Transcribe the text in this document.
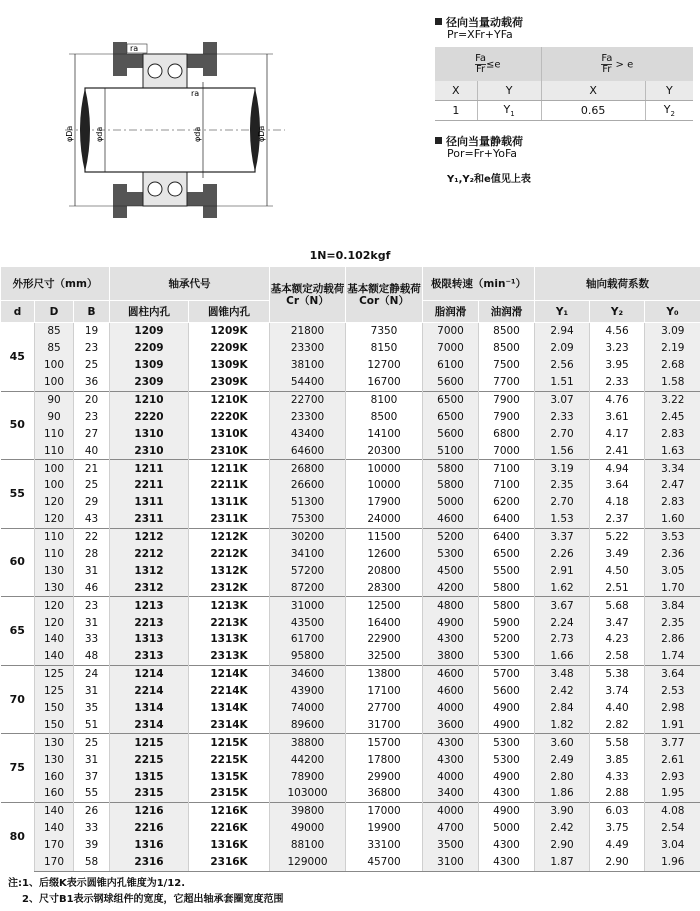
ra
ra
φDa	φda	φda	φDa
径向当量动载荷
Pr=XFr+YFa
$\frac{Fa}{Fr} \le e$		$\frac{Fa}{Fr} > e$	
X	Y	X	Y
1	$Y_1$	0.65	$Y_2$
径向当量静载荷
Por=Fr+YoFa
Y₁,Y₂和e值见上表
1N=0.102kgf
外形尺寸（mm）			轴承代号		基本额定动载荷 Cr（N）	基本额定静载荷 Cor（N）	极限转速（min⁻¹）		轴向载荷系数		
d	D	B	圆柱内孔	圆锥内孔			脂润滑	油润滑	Y₁	Y₂	Y₀
45	85	19	1209	1209K	21800	7350	7000	8500	2.94	4.56	3.09
	85	23	2209	2209K	23300	8150	7000	8500	2.09	3.23	2.19
	100	25	1309	1309K	38100	12700	6100	7500	2.56	3.95	2.68
	100	36	2309	2309K	54400	16700	5600	7700	1.51	2.33	1.58
50	90	20	1210	1210K	22700	8100	6500	7900	3.07	4.76	3.22
	90	23	2220	2220K	23300	8500	6500	7900	2.33	3.61	2.45
	110	27	1310	1310K	43400	14100	5600	6800	2.70	4.17	2.83
	110	40	2310	2310K	64600	20300	5100	7000	1.56	2.41	1.63
55	100	21	1211	1211K	26800	10000	5800	7100	3.19	4.94	3.34
	100	25	2211	2211K	26600	10000	5800	7100	2.35	3.64	2.47
	120	29	1311	1311K	51300	17900	5000	6200	2.70	4.18	2.83
	120	43	2311	2311K	75300	24000	4600	6400	1.53	2.37	1.60
60	110	22	1212	1212K	30200	11500	5200	6400	3.37	5.22	3.53
	110	28	2212	2212K	34100	12600	5300	6500	2.26	3.49	2.36
	130	31	1312	1312K	57200	20800	4500	5500	2.91	4.50	3.05
	130	46	2312	2312K	87200	28300	4200	5800	1.62	2.51	1.70
65	120	23	1213	1213K	31000	12500	4800	5800	3.67	5.68	3.84
	120	31	2213	2213K	43500	16400	4900	5900	2.24	3.47	2.35
	140	33	1313	1313K	61700	22900	4300	5200	2.73	4.23	2.86
	140	48	2313	2313K	95800	32500	3800	5300	1.66	2.58	1.74
70	125	24	1214	1214K	34600	13800	4600	5700	3.48	5.38	3.64
	125	31	2214	2214K	43900	17100	4600	5600	2.42	3.74	2.53
	150	35	1314	1314K	74000	27700	4000	4900	2.84	4.40	2.98
	150	51	2314	2314K	89600	31700	3600	4900	1.82	2.82	1.91
75	130	25	1215	1215K	38800	15700	4300	5300	3.60	5.58	3.77
	130	31	2215	2215K	44200	17800	4300	5300	2.49	3.85	2.61
	160	37	1315	1315K	78900	29900	4000	4900	2.80	4.33	2.93
	160	55	2315	2315K	103000	36800	3400	4300	1.86	2.88	1.95
80	140	26	1216	1216K	39800	17000	4000	4900	3.90	6.03	4.08
	140	33	2216	2216K	49000	19900	4700	5000	2.42	3.75	2.54
	170	39	1316	1316K	88100	33100	3500	4300	2.90	4.49	3.04
	170	58	2316	2316K	129000	45700	3100	4300	1.87	2.90	1.96
注:1、后缀K表示圆锥内孔锥度为1/12.
2、尺寸B1表示钢球组件的宽度，它超出轴承套圈宽度范围
